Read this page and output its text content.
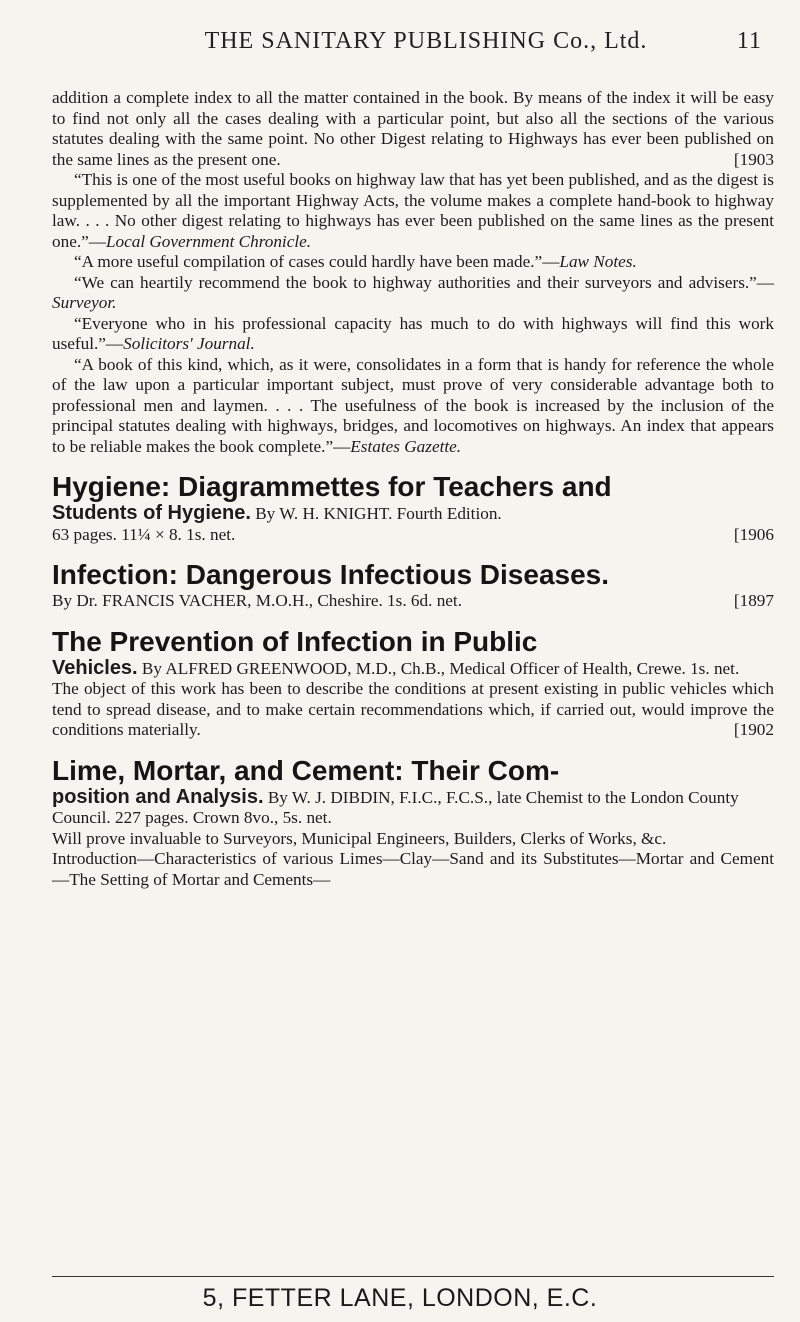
THE SANITARY PUBLISHING Co., Ltd.	11

addition a complete index to all the matter contained in the book. By means of the index it will be easy to find not only all the cases dealing with a particular point, but also all the sections of the various statutes dealing with the same point. No other Digest relating to Highways has ever been published on the same lines as the present one.	[1903

“This is one of the most useful books on highway law that has yet been published, and as the digest is supplemented by all the important Highway Acts, the volume makes a complete hand-book to highway law. . . . No other digest relating to highways has ever been published on the same lines as the present one.”—Local Government Chronicle.

“A more useful compilation of cases could hardly have been made.”—Law Notes.

“We can heartily recommend the book to highway authorities and their surveyors and advisers.”—Surveyor.

“Everyone who in his professional capacity has much to do with highways will find this work useful.”—Solicitors' Journal.

“A book of this kind, which, as it were, consolidates in a form that is handy for reference the whole of the law upon a particular important subject, must prove of very considerable advantage both to professional men and laymen. . . . The usefulness of the book is increased by the inclusion of the principal statutes dealing with highways, bridges, and locomotives on highways. An index that appears to be reliable makes the book complete.”—Estates Gazette.

Hygiene: Diagrammettes for Teachers and

Students of Hygiene. By W. H. KNIGHT. Fourth Edition.

63 pages. 11¼ × 8. 1s. net.	[1906

Infection: Dangerous Infectious Diseases.

By Dr. FRANCIS VACHER, M.O.H., Cheshire. 1s. 6d. net.	[1897

The Prevention of Infection in Public

Vehicles. By ALFRED GREENWOOD, M.D., Ch.B., Medical Officer of Health, Crewe. 1s. net.

The object of this work has been to describe the conditions at present existing in public vehicles which tend to spread disease, and to make certain recommendations which, if carried out, would improve the conditions materially.	[1902

Lime, Mortar, and Cement: Their Com-

position and Analysis. By W. J. DIBDIN, F.I.C., F.C.S., late Chemist to the London County Council. 227 pages. Crown 8vo., 5s. net.

Will prove invaluable to Surveyors, Municipal Engineers, Builders, Clerks of Works, &c.

Introduction—Characteristics of various Limes—Clay—Sand and its Substitutes—Mortar and Cement—The Setting of Mortar and Cements—

5, FETTER LANE, LONDON, E.C.
